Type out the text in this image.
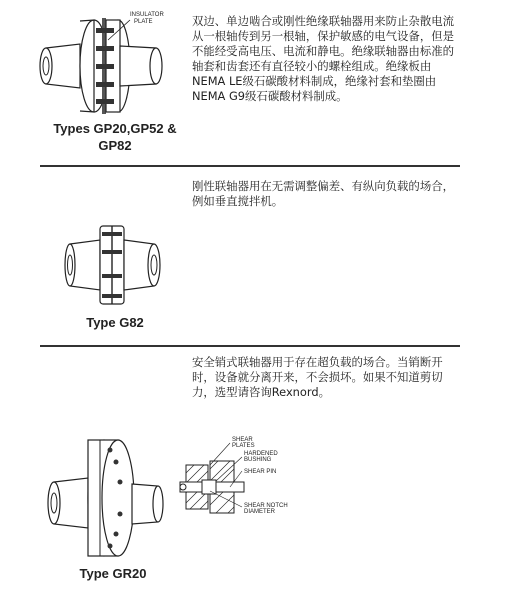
INSULATOR
PLATE
Types GP20,GP52 &
GP82

双边、单边啮合或刚性绝缘联轴器用来防止杂散电流从一根轴传到另一根轴，保护敏感的电气设备，但是不能经受高电压、电流和静电。绝缘联轴器由标准的轴套和齿套还有直径较小的螺栓组成。绝缘板由NEMA LE级石碳酸材料制成，绝缘衬套和垫圈由NEMA G9级石碳酸材料制成。

Type G82

刚性联轴器用在无需调整偏差、有纵向负载的场合，例如垂直搅拌机。

SHEAR
PLATES
HARDENED
BUSHING
SHEAR PIN
SHEAR NOTCH
DIAMETER
Type GR20

安全销式联轴器用于存在超负载的场合。当销断开时，设备就分离开来，不会损坏。如果不知道剪切力，选型请咨询Rexnord。
